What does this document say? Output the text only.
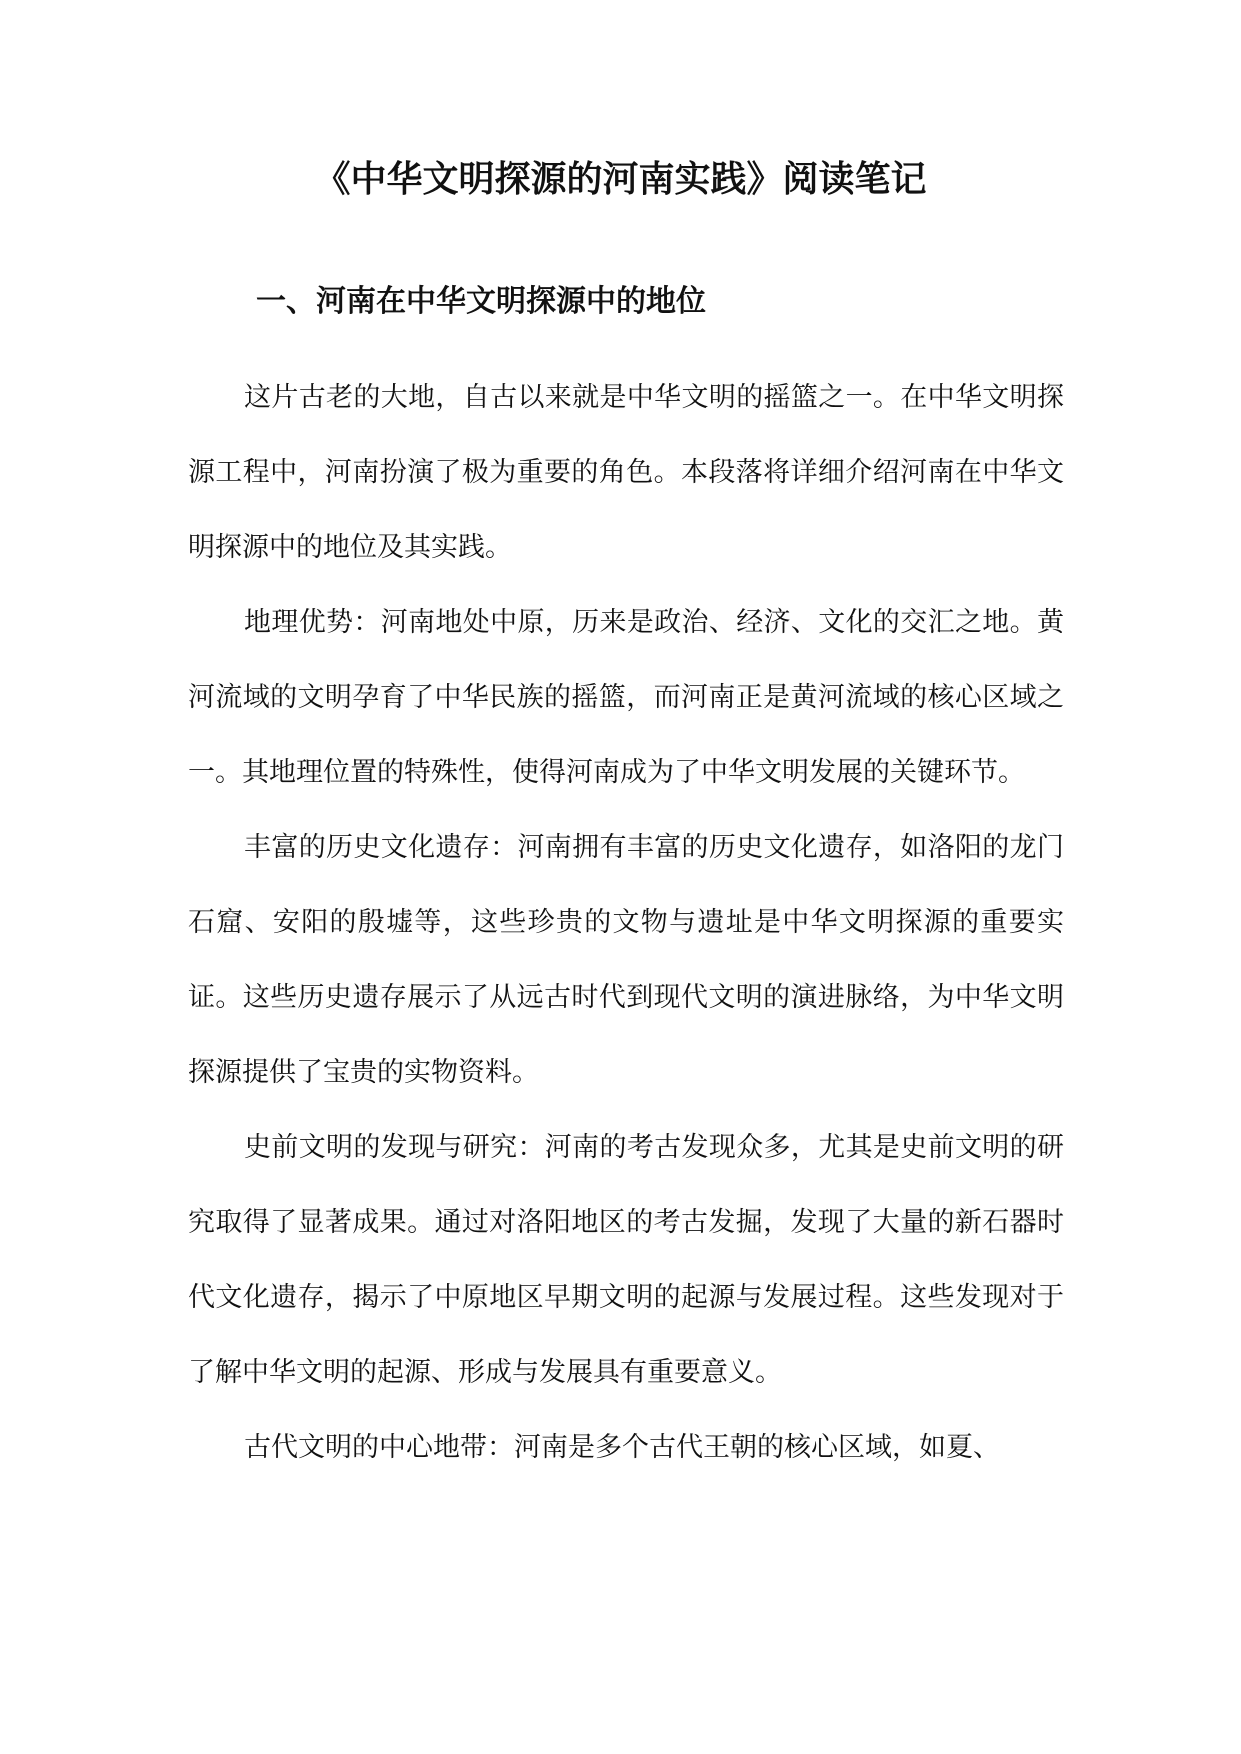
《中华文明探源的河南实践》阅读笔记
一、河南在中华文明探源中的地位

这片古老的大地，自古以来就是中华文明的摇篮之一。在中华文明探源工程中，河南扮演了极为重要的角色。本段落将详细介绍河南在中华文明探源中的地位及其实践。

地理优势：河南地处中原，历来是政治、经济、文化的交汇之地。黄河流域的文明孕育了中华民族的摇篮，而河南正是黄河流域的核心区域之一。其地理位置的特殊性，使得河南成为了中华文明发展的关键环节。

丰富的历史文化遗存：河南拥有丰富的历史文化遗存，如洛阳的龙门石窟、安阳的殷墟等，这些珍贵的文物与遗址是中华文明探源的重要实证。这些历史遗存展示了从远古时代到现代文明的演进脉络，为中华文明探源提供了宝贵的实物资料。

史前文明的发现与研究：河南的考古发现众多，尤其是史前文明的研究取得了显著成果。通过对洛阳地区的考古发掘，发现了大量的新石器时代文化遗存，揭示了中原地区早期文明的起源与发展过程。这些发现对于了解中华文明的起源、形成与发展具有重要意义。

古代文明的中心地带：河南是多个古代王朝的核心区域，如夏、
